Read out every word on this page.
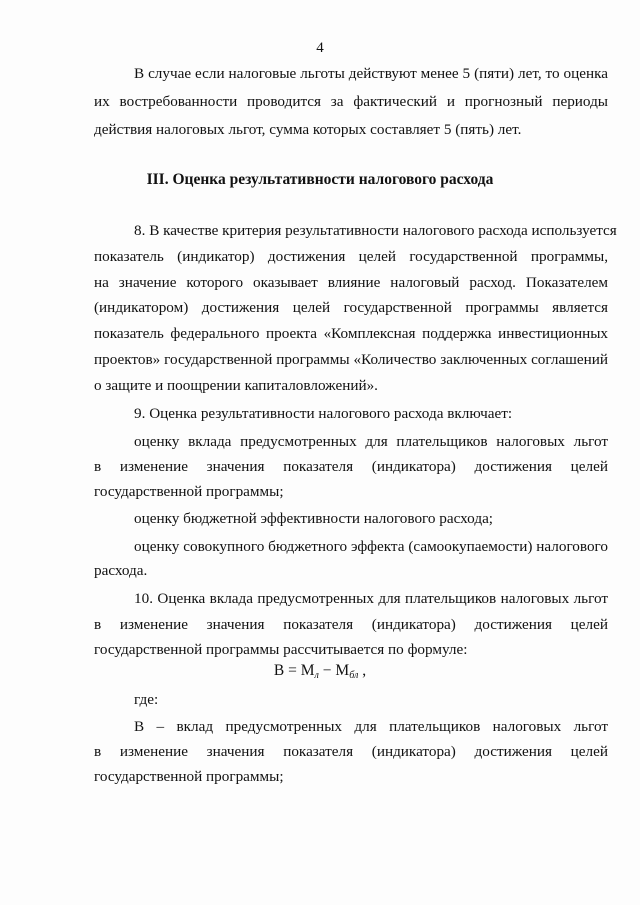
4
В случае если налоговые льготы действуют менее 5 (пяти) лет, то оценка
их востребованности проводится за фактический и прогнозный периоды
действия налоговых льгот, сумма которых составляет 5 (пять) лет.
III. Оценка результативности налогового расхода
8. В качестве критерия результативности налогового расхода используется
показатель (индикатор) достижения целей государственной программы,
на значение которого оказывает влияние налоговый расход. Показателем
(индикатором) достижения целей государственной программы является
показатель федерального проекта «Комплексная поддержка инвестиционных
проектов» государственной программы «Количество заключенных соглашений
о защите и поощрении капиталовложений».
9. Оценка результативности налогового расхода включает:
оценку вклада предусмотренных для плательщиков налоговых льгот
в изменение значения показателя (индикатора) достижения целей
государственной программы;
оценку бюджетной эффективности налогового расхода;
оценку совокупного бюджетного эффекта (самоокупаемости) налогового
расхода.
10. Оценка вклада предусмотренных для плательщиков налоговых льгот
в изменение значения показателя (индикатора) достижения целей
государственной программы рассчитывается по формуле:
$В = М_л - М_{бл}$ ,
где:
В – вклад предусмотренных для плательщиков налоговых льгот
в изменение значения показателя (индикатора) достижения целей
государственной программы;
